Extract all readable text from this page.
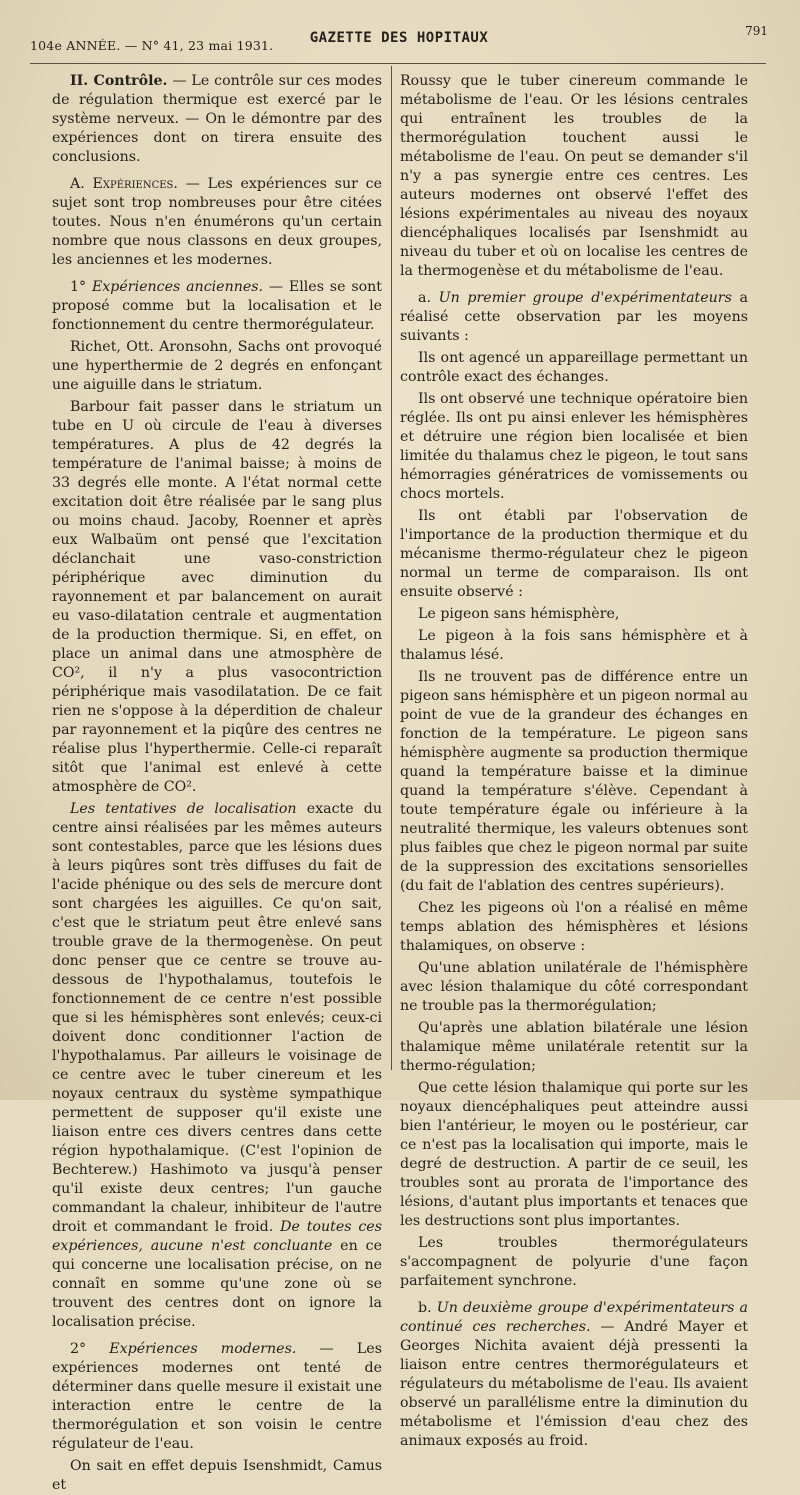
104e ANNÉE. — N° 41, 23 mai 1931.	GAZETTE DES HOPITAUX	791

II. Contrôle. — Le contrôle sur ces modes de régulation thermique est exercé par le système nerveux. — On le démontre par des expériences dont on tirera ensuite des conclusions.

A. Expériences. — Les expériences sur ce sujet sont trop nombreuses pour être citées toutes. Nous n'en énumérons qu'un certain nombre que nous classons en deux groupes, les anciennes et les modernes.

1° Expériences anciennes. — Elles se sont proposé comme but la localisation et le fonctionnement du centre thermorégulateur.

Richet, Ott. Aronsohn, Sachs ont provoqué une hyperthermie de 2 degrés en enfonçant une aiguille dans le striatum.

Barbour fait passer dans le striatum un tube en U où circule de l'eau à diverses températures. A plus de 42 degrés la température de l'animal baisse; à moins de 33 degrés elle monte. A l'état normal cette excitation doit être réalisée par le sang plus ou moins chaud. Jacoby, Roenner et après eux Walbaüm ont pensé que l'excitation déclanchait une vaso-constriction périphérique avec diminution du rayonnement et par balancement on aurait eu vaso-dilatation centrale et augmentation de la production thermique. Si, en effet, on place un animal dans une atmosphère de CO², il n'y a plus vasocontriction périphérique mais vasodilatation. De ce fait rien ne s'oppose à la déperdition de chaleur par rayonnement et la piqûre des centres ne réalise plus l'hyperthermie. Celle-ci reparaît sitôt que l'animal est enlevé à cette atmosphère de CO².

Les tentatives de localisation exacte du centre ainsi réalisées par les mêmes auteurs sont contestables, parce que les lésions dues à leurs piqûres sont très diffuses du fait de l'acide phénique ou des sels de mercure dont sont chargées les aiguilles. Ce qu'on sait, c'est que le striatum peut être enlevé sans trouble grave de la thermogenèse. On peut donc penser que ce centre se trouve au-dessous de l'hypothalamus, toutefois le fonctionnement de ce centre n'est possible que si les hémisphères sont enlevés; ceux-ci doivent donc conditionner l'action de l'hypothalamus. Par ailleurs le voisinage de ce centre avec le tuber cinereum et les noyaux centraux du système sympathique permettent de supposer qu'il existe une liaison entre ces divers centres dans cette région hypothalamique. (C'est l'opinion de Bechterew.) Hashimoto va jusqu'à penser qu'il existe deux centres; l'un gauche commandant la chaleur, inhibiteur de l'autre droit et commandant le froid. De toutes ces expériences, aucune n'est concluante en ce qui concerne une localisation précise, on ne connaît en somme qu'une zone où se trouvent des centres dont on ignore la localisation précise.

2° Expériences modernes. — Les expériences modernes ont tenté de déterminer dans quelle mesure il existait une interaction entre le centre de la thermorégulation et son voisin le centre régulateur de l'eau.

On sait en effet depuis Isenshmidt, Camus et

Roussy que le tuber cinereum commande le métabolisme de l'eau. Or les lésions centrales qui entraînent les troubles de la thermorégulation touchent aussi le métabolisme de l'eau. On peut se demander s'il n'y a pas synergie entre ces centres. Les auteurs modernes ont observé l'effet des lésions expérimentales au niveau des noyaux diencéphaliques localisés par Isenshmidt au niveau du tuber et où on localise les centres de la thermogenèse et du métabolisme de l'eau.

a. Un premier groupe d'expérimentateurs a réalisé cette observation par les moyens suivants :

Ils ont agencé un appareillage permettant un contrôle exact des échanges.

Ils ont observé une technique opératoire bien réglée. Ils ont pu ainsi enlever les hémisphères et détruire une région bien localisée et bien limitée du thalamus chez le pigeon, le tout sans hémorragies génératrices de vomissements ou chocs mortels.

Ils ont établi par l'observation de l'importance de la production thermique et du mécanisme thermo-régulateur chez le pigeon normal un terme de comparaison. Ils ont ensuite observé :

Le pigeon sans hémisphère,

Le pigeon à la fois sans hémisphère et à thalamus lésé.

Ils ne trouvent pas de différence entre un pigeon sans hémisphère et un pigeon normal au point de vue de la grandeur des échanges en fonction de la température. Le pigeon sans hémisphère augmente sa production thermique quand la température baisse et la diminue quand la température s'élève. Cependant à toute température égale ou inférieure à la neutralité thermique, les valeurs obtenues sont plus faibles que chez le pigeon normal par suite de la suppression des excitations sensorielles (du fait de l'ablation des centres supérieurs).

Chez les pigeons où l'on a réalisé en même temps ablation des hémisphères et lésions thalamiques, on observe :

Qu'une ablation unilatérale de l'hémisphère avec lésion thalamique du côté correspondant ne trouble pas la thermorégulation;

Qu'après une ablation bilatérale une lésion thalamique même unilatérale retentit sur la thermo-régulation;

Que cette lésion thalamique qui porte sur les noyaux diencéphaliques peut atteindre aussi bien l'antérieur, le moyen ou le postérieur, car ce n'est pas la localisation qui importe, mais le degré de destruction. A partir de ce seuil, les troubles sont au prorata de l'importance des lésions, d'autant plus importants et tenaces que les destructions sont plus importantes.

Les troubles thermorégulateurs s'accompagnent de polyurie d'une façon parfaitement synchrone.

b. Un deuxième groupe d'expérimentateurs a continué ces recherches. — André Mayer et Georges Nichita avaient déjà pressenti la liaison entre centres thermorégulateurs et régulateurs du métabolisme de l'eau. Ils avaient observé un parallélisme entre la diminution du métabolisme et l'émission d'eau chez des animaux exposés au froid.
